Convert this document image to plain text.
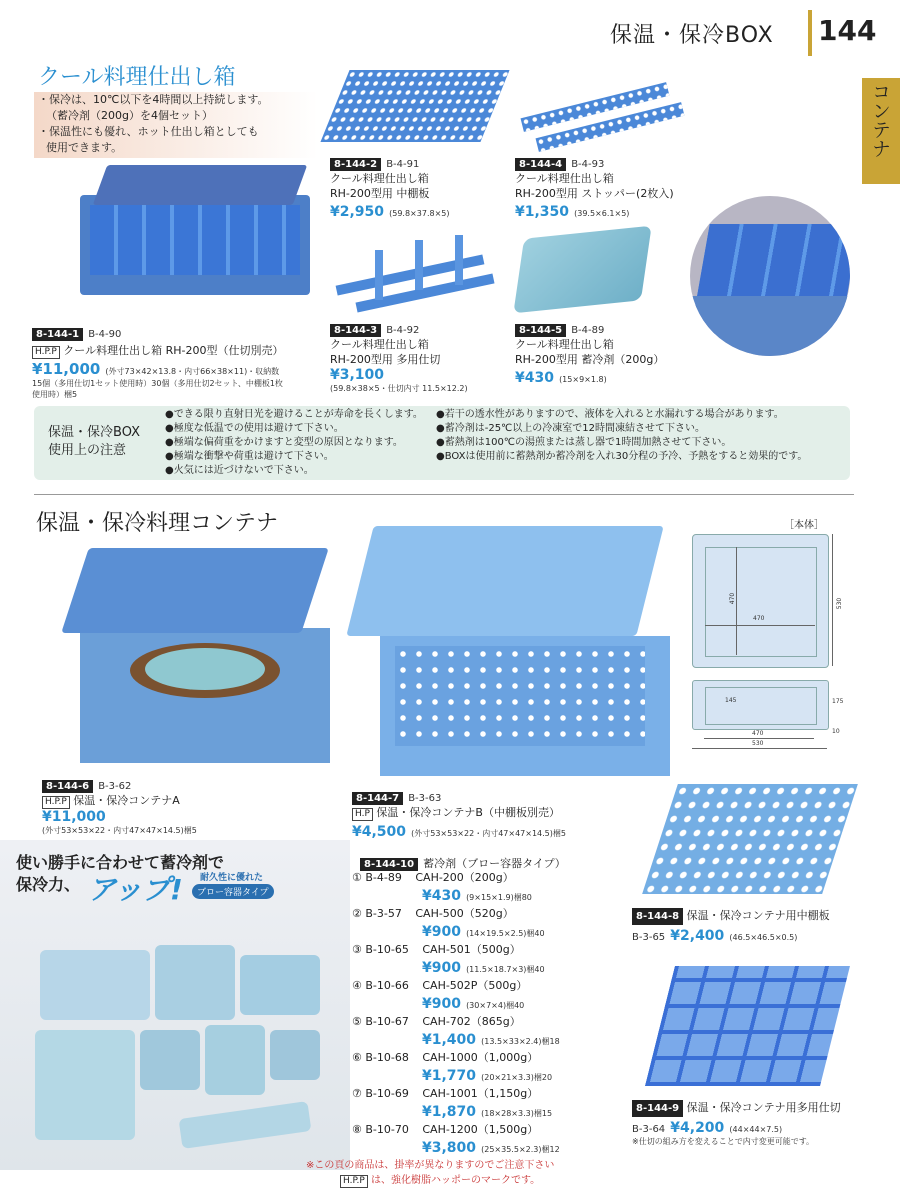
保温・保冷BOX 144
コンテナ
クール料理仕出し箱
・保冷は、10℃以下を4時間以上持続します。
（蓄冷剤（200g）を4個セット）
・保温性にも優れ、ホット仕出し箱としても
使用できます。
8-144-1 B-4-90
H.P.P クール料理仕出し箱 RH-200型（仕切別売）
¥11,000 (外寸73×42×13.8・内寸66×38×11)・収納数
15個（多用仕切1セット使用時）30個（多用仕切2セット、中棚板1枚
使用時）梱5
8-144-2 B-4-91
クール料理仕出し箱
RH-200型用 中棚板
¥2,950 (59.8×37.8×5)
8-144-4 B-4-93
クール料理仕出し箱
RH-200型用 ストッパー(2枚入)
¥1,350 (39.5×6.1×5)
8-144-3 B-4-92
クール料理仕出し箱
RH-200型用 多用仕切
¥3,100
(59.8×38×5・仕切内寸 11.5×12.2)
8-144-5 B-4-89
クール料理仕出し箱
RH-200型用 蓄冷剤（200g）
¥430 (15×9×1.8)
保温・保冷BOX
使用上の注意
●できる限り直射日光を避けることが寿命を長くします。
●極度な低温での使用は避けて下さい。
●極端な偏荷重をかけますと変型の原因となります。
●極端な衝撃や荷重は避けて下さい。
●火気には近づけないで下さい。
●若干の透水性がありますので、液体を入れると水漏れする場合があります。
●蓄冷剤は-25℃以上の冷凍室で12時間凍結させて下さい。
●蓄熱剤は100℃の湯煎または蒸し器で1時間加熱させて下さい。
●BOXは使用前に蓄熱剤か蓄冷剤を入れ30分程の予冷、予熱をすると効果的です。
保温・保冷料理コンテナ	［本体］
8-144-6 B-3-62
H.P.P 保温・保冷コンテナA
¥11,000
(外寸53×53×22・内寸47×47×14.5)梱5
8-144-7 B-3-63
H.P 保温・保冷コンテナB（中棚板別売）
¥4,500 (外寸53×53×22・内寸47×47×14.5)梱5
470
470	530
145	175
10
470
530
8-144-8 保温・保冷コンテナ用中棚板
B-3-65 ¥2,400 (46.5×46.5×0.5)
8-144-9 保温・保冷コンテナ用多用仕切
B-3-64 ¥4,200 (44×44×7.5)
※仕切の組み方を変えることで内寸変更可能です。
使い勝手に合わせて蓄冷剤で
保冷力、 アップ! 耐久性に優れた
ブロー容器タイプ
8-144-10 蓄冷剤（ブロー容器タイプ）
① B-4-89 CAH-200（200g）
¥430 (9×15×1.9)梱80
② B-3-57 CAH-500（520g）
¥900 (14×19.5×2.5)梱40
③ B-10-65 CAH-501（500g）
¥900 (11.5×18.7×3)梱40
④ B-10-66 CAH-502P（500g）
¥900 (30×7×4)梱40
⑤ B-10-67 CAH-702（865g）
¥1,400 (13.5×33×2.4)梱18
⑥ B-10-68 CAH-1000（1,000g）
¥1,770 (20×21×3.3)梱20
⑦ B-10-69 CAH-1001（1,150g）
¥1,870 (18×28×3.3)梱15
⑧ B-10-70 CAH-1200（1,500g）
¥3,800 (25×35.5×2.3)梱12
※この頁の商品は、掛率が異なりますのでご注意下さい
H.P.P は、強化樹脂ハッポーのマークです。
